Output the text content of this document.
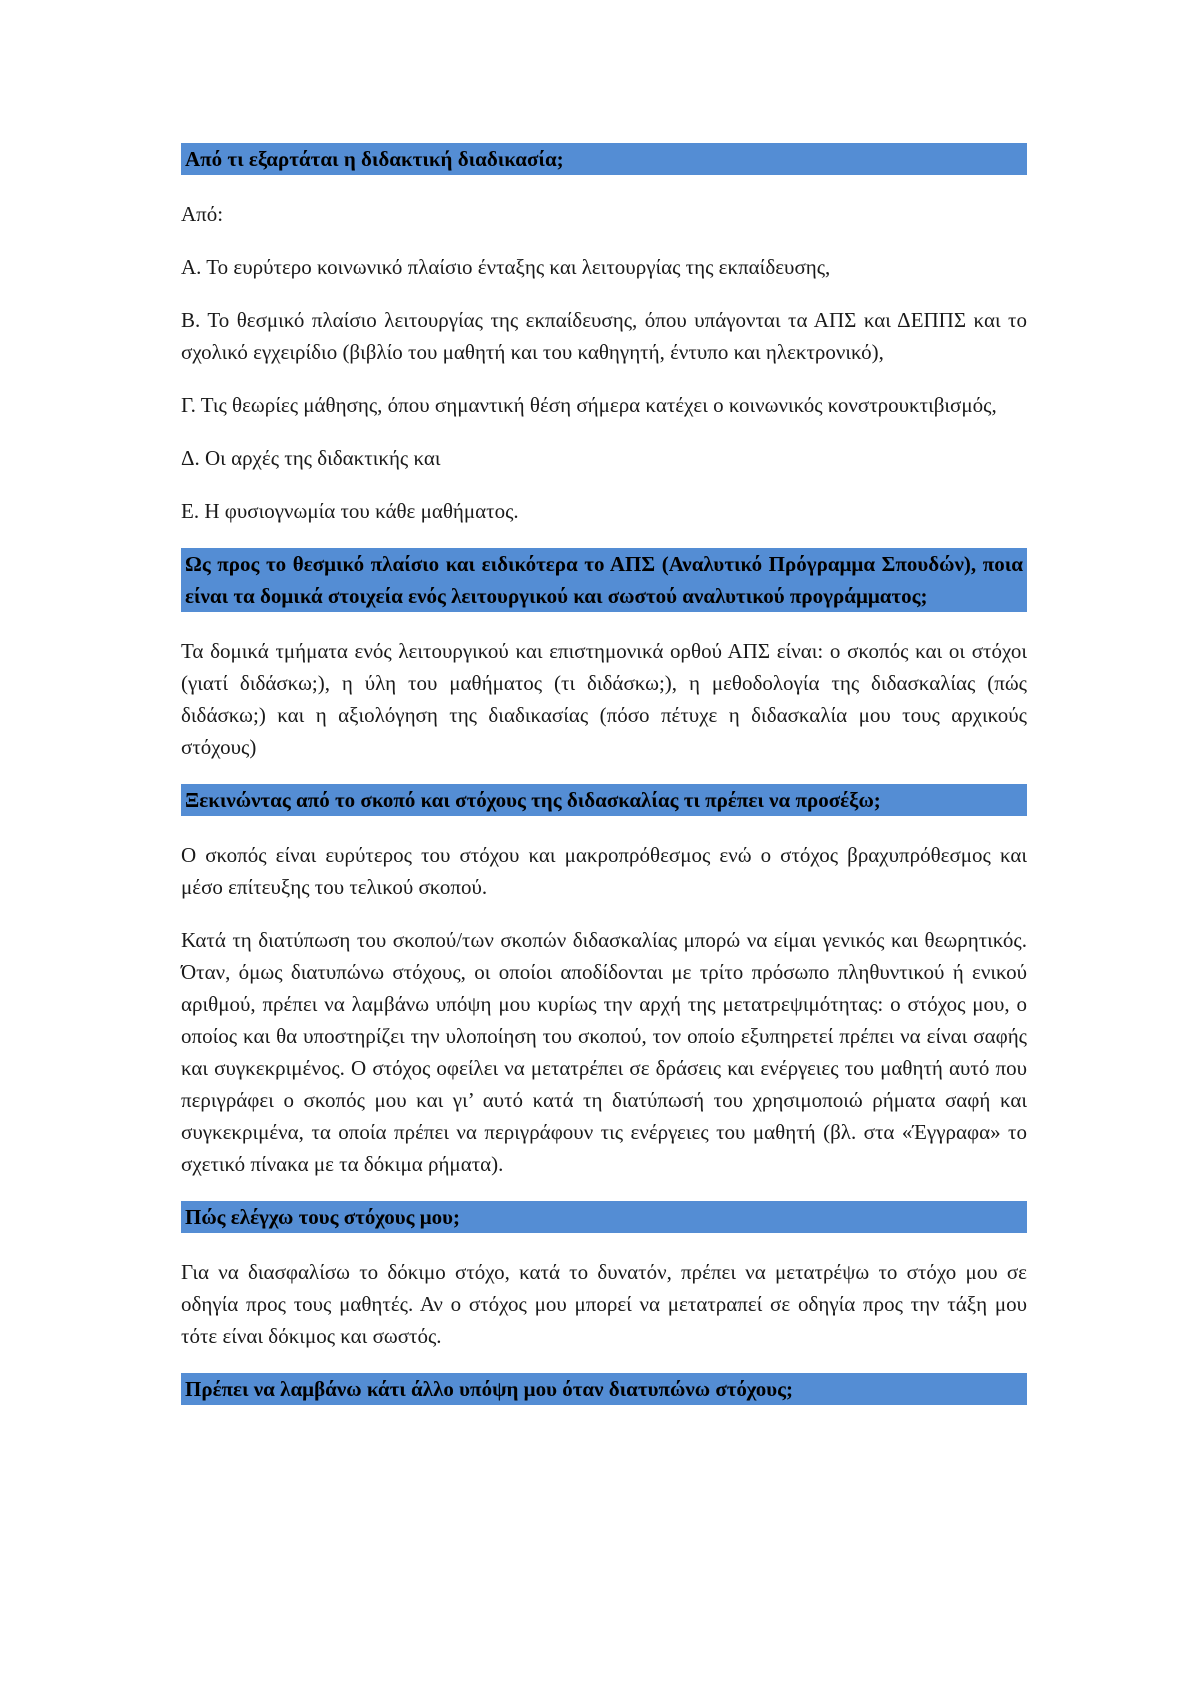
Από τι εξαρτάται η διδακτική διαδικασία;

Από:

Α. Το ευρύτερο κοινωνικό πλαίσιο ένταξης και λειτουργίας της εκπαίδευσης,

Β. Το θεσμικό πλαίσιο λειτουργίας της εκπαίδευσης, όπου υπάγονται τα ΑΠΣ και ΔΕΠΠΣ και το σχολικό εγχειρίδιο (βιβλίο του μαθητή και του καθηγητή, έντυπο και ηλεκτρονικό),

Γ. Τις θεωρίες μάθησης, όπου σημαντική θέση σήμερα κατέχει ο κοινωνικός κονστρουκτιβισμός,

Δ. Οι αρχές της διδακτικής και

Ε. Η φυσιογνωμία του κάθε μαθήματος.

Ως προς το θεσμικό πλαίσιο και ειδικότερα το ΑΠΣ (Αναλυτικό Πρόγραμμα Σπουδών), ποια είναι τα δομικά στοιχεία ενός λειτουργικού και σωστού αναλυτικού προγράμματος;

Τα δομικά τμήματα ενός λειτουργικού και επιστημονικά ορθού ΑΠΣ είναι: ο σκοπός και οι στόχοι (γιατί διδάσκω;), η ύλη του μαθήματος (τι διδάσκω;), η μεθοδολογία της διδασκαλίας (πώς διδάσκω;) και η αξιολόγηση της διαδικασίας (πόσο πέτυχε η διδασκαλία μου τους αρχικούς στόχους)

Ξεκινώντας από το σκοπό και στόχους της διδασκαλίας τι πρέπει να προσέξω;

Ο σκοπός είναι ευρύτερος του στόχου και μακροπρόθεσμος ενώ ο στόχος βραχυπρόθεσμος και μέσο επίτευξης του τελικού σκοπού.

Κατά τη διατύπωση του σκοπού/των σκοπών διδασκαλίας μπορώ να είμαι γενικός και θεωρητικός. Όταν, όμως διατυπώνω στόχους, οι οποίοι αποδίδονται με τρίτο πρόσωπο πληθυντικού ή ενικού αριθμού, πρέπει να λαμβάνω υπόψη μου κυρίως την αρχή της μετατρεψιμότητας: ο στόχος μου, ο οποίος και θα υποστηρίζει την υλοποίηση του σκοπού, τον οποίο εξυπηρετεί πρέπει να είναι σαφής και συγκεκριμένος. Ο στόχος οφείλει να μετατρέπει σε δράσεις και ενέργειες του μαθητή αυτό που περιγράφει ο σκοπός μου και γι’ αυτό κατά τη διατύπωσή του χρησιμοποιώ ρήματα σαφή και συγκεκριμένα, τα οποία πρέπει να περιγράφουν τις ενέργειες του μαθητή (βλ. στα «Έγγραφα» το σχετικό πίνακα με τα δόκιμα ρήματα).

Πώς ελέγχω τους στόχους μου;

Για να διασφαλίσω το δόκιμο στόχο, κατά το δυνατόν, πρέπει να μετατρέψω το στόχο μου σε οδηγία προς τους μαθητές. Αν ο στόχος μου μπορεί να μετατραπεί σε οδηγία προς την τάξη μου τότε είναι δόκιμος και σωστός.

Πρέπει να λαμβάνω κάτι άλλο υπόψη μου όταν διατυπώνω στόχους;
